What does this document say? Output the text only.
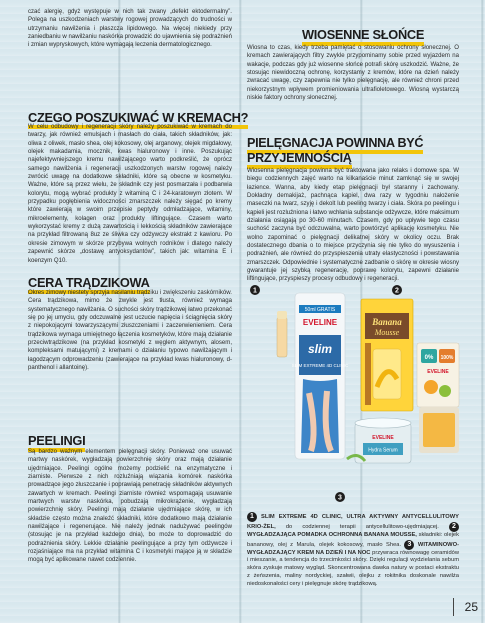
czać alergię, gdyż występuje w nich tak zwany „defekt ektodermalny”. Polega na uszkodzeniach warstwy rogowej prowadzących do trudności w utrzymaniu nawilżenia i płaszcza lipidowego. Na więcej niekiedy przy zaniedbaniu w nawilżaniu naskórka prowadzić do ujawnienia się podrażnień i zmian wypryskowych, które wymagają leczenia dermatologicznego.

CZEGO POSZUKIWAĆ W KREMACH?

W celu odbudowy i regeneracji skóry należy poszukiwać w kremach do twarzy, jak również emulsjach i masłach do ciała, takich składników, jak: oliwa z oliwek, masło shea, olej kokosowy, olej arganowy, olejek migdałowy, olejek makadamia, mocznik, kwas hialuronowy i inne. Poszukując najefektywniejszego kremu nawilżającego warto podkreślić, że oprócz samego nawilżenia i regeneracji uszkodzonych warstw rogowej należy zwrócić uwagę na dodatkowe składniki, które są obecne w kosmetyku. Ważne, które są przez wielu, że składnik czy jest posmarzała i podbarwia kolorytu, mogą wybrać produkty z witaminą C i 24-karatowym złotem. W przypadku pogłębienia widoczności zmarszczek należy sięgać po kremy które zawierają w swoim przepisie peptydy odmładzające, witaminy, mikroelementy, kolagen oraz produkty liftingujące. Czasem warto wykorzystać kremy z dużą zawartością i lekkością składników zawierające na przykład filtrowaną 8uz ze śliwka czy odżywczy ekstrakt z kawioru. Po okresie zimowym w skórze przybywa wolnych rodników i dlatego należy zapewnić skórze „dostawę antyoksydantów”, takich jak: witamina E i koenzym Q10.

CERA TRĄDZIKOWA

Okres zimowy niestety sprzyja nasilaniu trądziku i zwiększeniu zaskórników. Cera trądzikowa, mimo że zwykle jest tłusta, również wymaga systematycznego nawilżania. O suchości skóry trądzikowej łatwo przekonać się po jej umyciu, gdy odczuwalne jest uczucie napięcia i ściągnięcia skóry z niepokojącymi towarzyszącymi złuszczeniami i zaczerwienieniem. Cera trądzikowa wymaga umiejętnego łączenia kosmetyków, które mają działanie przeciwtrądzikowe (na przykład kosmetyki z węglem aktywnym, alosem, kompleksami matującymi) z kremami o działaniu typowo nawilżającym i łagodzącym odprowadzeniu (zawierające na przykład kwas hialuronowy, d-panthenol i allantoinę).

PEELINGI

Są bardzo ważnym elementem pielęgnacji skóry. Ponieważ one usuwać martwy naskórek, wygładzają powierzchnię skóry oraz mają działanie ujędrniające. Peelingi ogólne możemy podzielić na enzymatyczne i ziarniste. Pierwsze z nich rozluźniają wiązania komórek naskórka prowadzące jego złuszczanie i poprawiają penetrację składników aktywnych zawartych w kremach. Peelingi ziarniste również wspomagają usuwanie martwych warstw naskórka, pobudzają mikrokrążenie, wygładzają powierzchnię skóry. Peelingi mają działanie ujędrniające skórę, w ich składzie często można znaleźć składniki, które dodatkowo mają działanie nawilżające i regenerujące. Nie należy jednak nadużywać peelingów (stosując je na przykład każdego dnia), bo może to doprowadzić do podrażnienia skóry. Lekkie działanie peelingujące a przy tym odżywcze i rozjaśniające ma na przykład witamina C i kosmetyki mające ją w składzie mogą być aplikowane nawet codziennie.

WIOSENNE SŁOŃCE

Wiosna to czas, kiedy trzeba pamiętać o stosowaniu ochrony słonecznej. O kremach zawierających filtry zwykle przypominamy sobie przed wyjazdem na wakacje, podczas gdy już wiosenne słońce potrafi skórę uszkodzić. Ważne, że stosując niewidoczną ochronę, korzystamy z kremów, które na dzień należy zwracać uwagę, czy zapewnia nie tylko pielęgnację, ale również chroni przed niekorzystnym wpływem promieniowania ultrafioletowego. Wiosną wystarczą niskie faktory ochrony słonecznej.

PIELĘGNACJA POWINNA BYĆ PRZYJEMNOŚCIĄ

Wiosenna pielęgnacja powinna być traktowana jako relaks i domowe spa. W biegu codziennych zajęć warto na kilkanaście minut zamknąć się w swojej łazience. Wanna, aby kiedy etap pielęgnacji był staranny i zachowany. Dokładny demakijaż, pachnąca kąpiel, dwa razy w tygodniu nałożenie maseczki na twarz, szyję i dekolt lub peeling twarzy i ciała. Skóra po peelingu i kąpieli jest rozluźniona i łatwo wchłania substancje odżywcze, które maksimum działania osiągają po 30-60 minutach. Czasem, gdy po upływie tego czasu suchość zaczyna być odczuwalna, warto powtórzyć aplikację kosmetyku. Nie wolno zapominać o pielęgnacji delikatnej skóry w okolicy oczu. Brak dostatecznego dbania o to miejsce przyczynia się nie tylko do wysuszenia i podrażnień, ale również do przyspieszenia utraty elastyczności i powstawania zmarszczek. Odpowiednie i systematyczne zadbanie o skórę w okresie wiosny gwarantuje jej szybką regenerację, poprawę kolorytu, zapewni działanie liftingujące, przyspieszy procesy odbudowy i regeneracji.

1
50ml GRATIS
EVELINE
slim
SLIM EXTREME 4D CLINIC
2
Banana
Mousse
0% 100%
EVELINE
EVELINE
Hydra Serum
3
1 SLIM EXTREME 4D CLINIC, ULTRA AKTYWNY ANTYCELLULITOWY KRIO-ŻEL, do codziennej terapii antycellulitowo-ujędrniającej. 2 WYGŁADZAJĄCA POMADKA OCHRONNA BANANA MOUSSE, składniki: olejek bananowy, olej z Marula, olejek kokosowy, masło Shea. 3 WITAMINOWO-WYGŁADZAJĄCY KREM NA DZIEŃ I NA NOC przywraca równowagę ceramidów i mieszanie, a tendencja do trzecimkości skóry. Dzięki regulacji wydzielania sebum skóra zyskuje matowy wygląd. Skoncentrowana dawka natury w postaci ekstraktu z żeńszenia, maliny nordyckiej, szałwii, olejku z rokitnika doskonale nawilża niedoskonałości cery i pielęgnuje skórę trądzikową.
25
